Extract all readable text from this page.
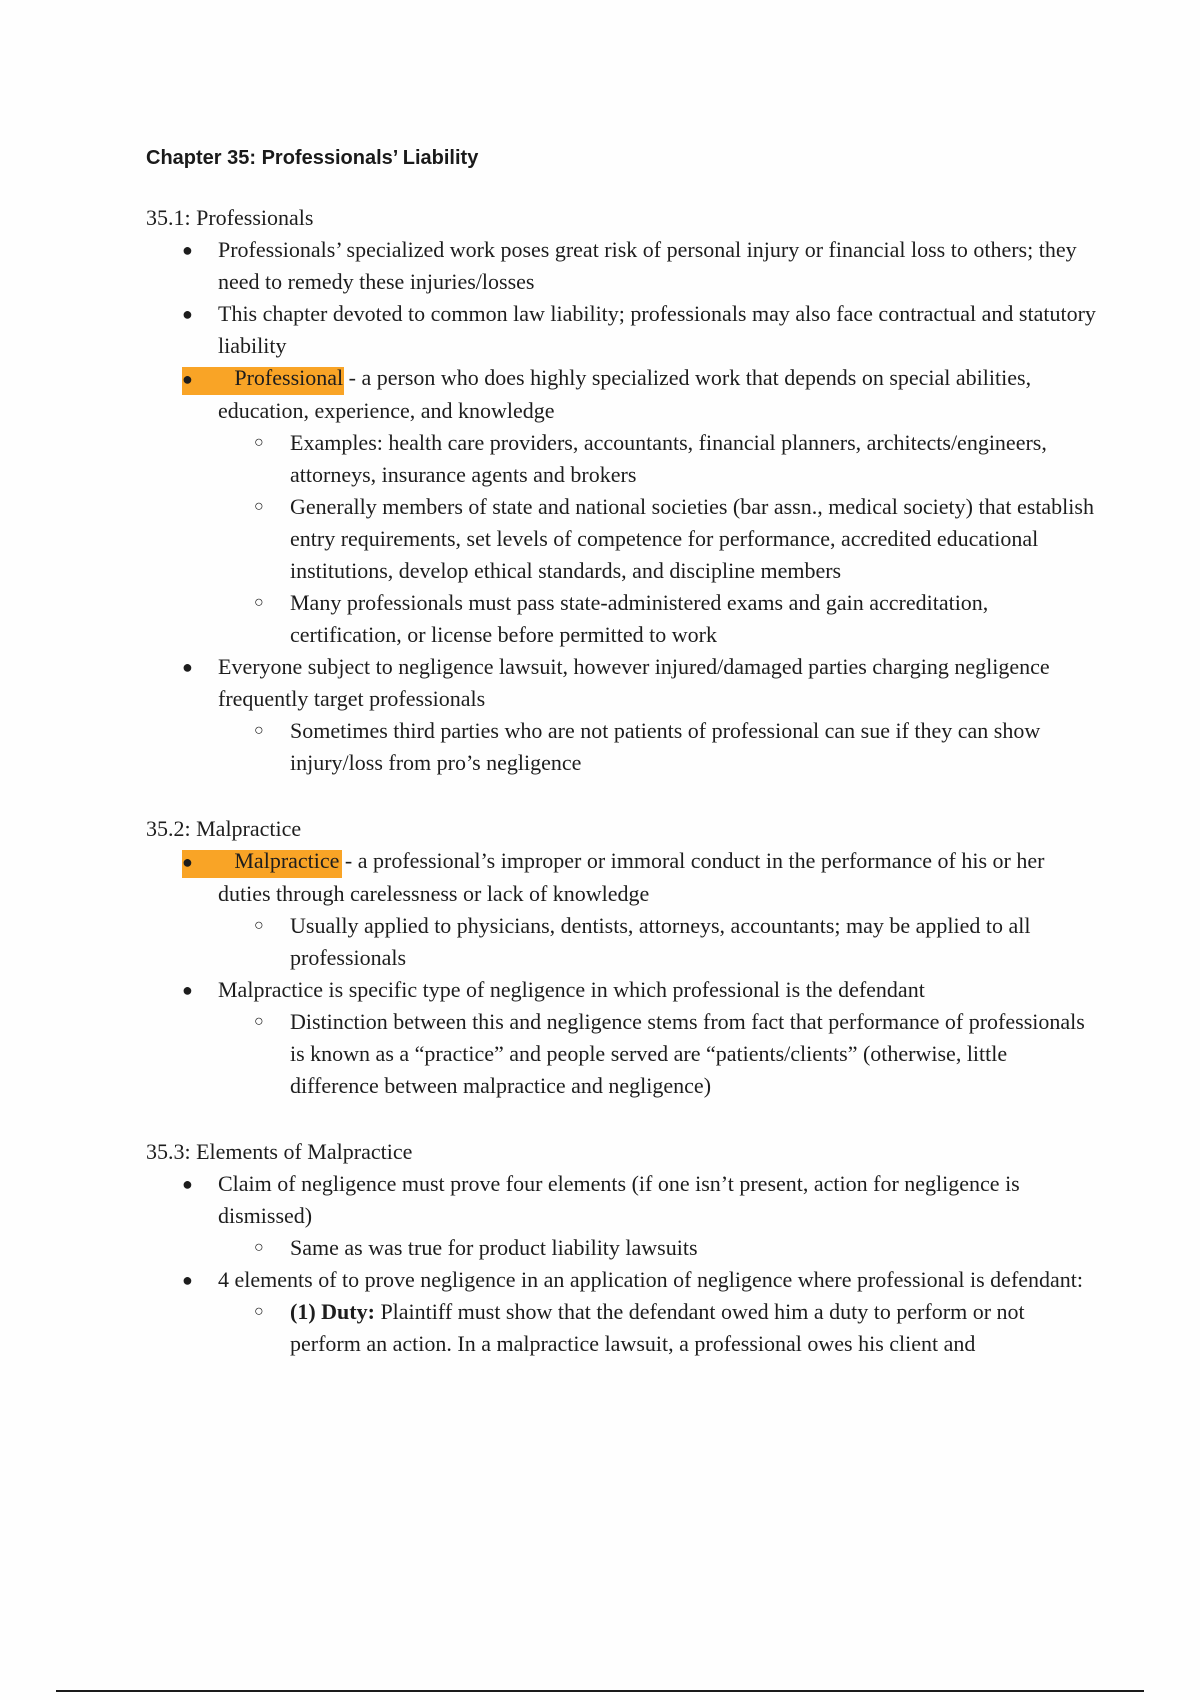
Chapter 35: Professionals’ Liability
35.1: Professionals
● Professionals’ specialized work poses great risk of personal injury or financial loss to others; they need to remedy these injuries/losses
● This chapter devoted to common law liability; professionals may also face contractual and statutory liability
● Professional - a person who does highly specialized work that depends on special abilities, education, experience, and knowledge
○ Examples: health care providers, accountants, financial planners, architects/engineers, attorneys, insurance agents and brokers
○ Generally members of state and national societies (bar assn., medical society) that establish entry requirements, set levels of competence for performance, accredited educational institutions, develop ethical standards, and discipline members
○ Many professionals must pass state-administered exams and gain accreditation, certification, or license before permitted to work
● Everyone subject to negligence lawsuit, however injured/damaged parties charging negligence frequently target professionals
○ Sometimes third parties who are not patients of professional can sue if they can show injury/loss from pro’s negligence
35.2: Malpractice
● Malpractice - a professional’s improper or immoral conduct in the performance of his or her duties through carelessness or lack of knowledge
○ Usually applied to physicians, dentists, attorneys, accountants; may be applied to all professionals
● Malpractice is specific type of negligence in which professional is the defendant
○ Distinction between this and negligence stems from fact that performance of professionals is known as a “practice” and people served are “patients/clients” (otherwise, little difference between malpractice and negligence)
35.3: Elements of Malpractice
● Claim of negligence must prove four elements (if one isn’t present, action for negligence is dismissed)
○ Same as was true for product liability lawsuits
● 4 elements of to prove negligence in an application of negligence where professional is defendant:
○ (1) Duty: Plaintiff must show that the defendant owed him a duty to perform or not perform an action. In a malpractice lawsuit, a professional owes his client and
